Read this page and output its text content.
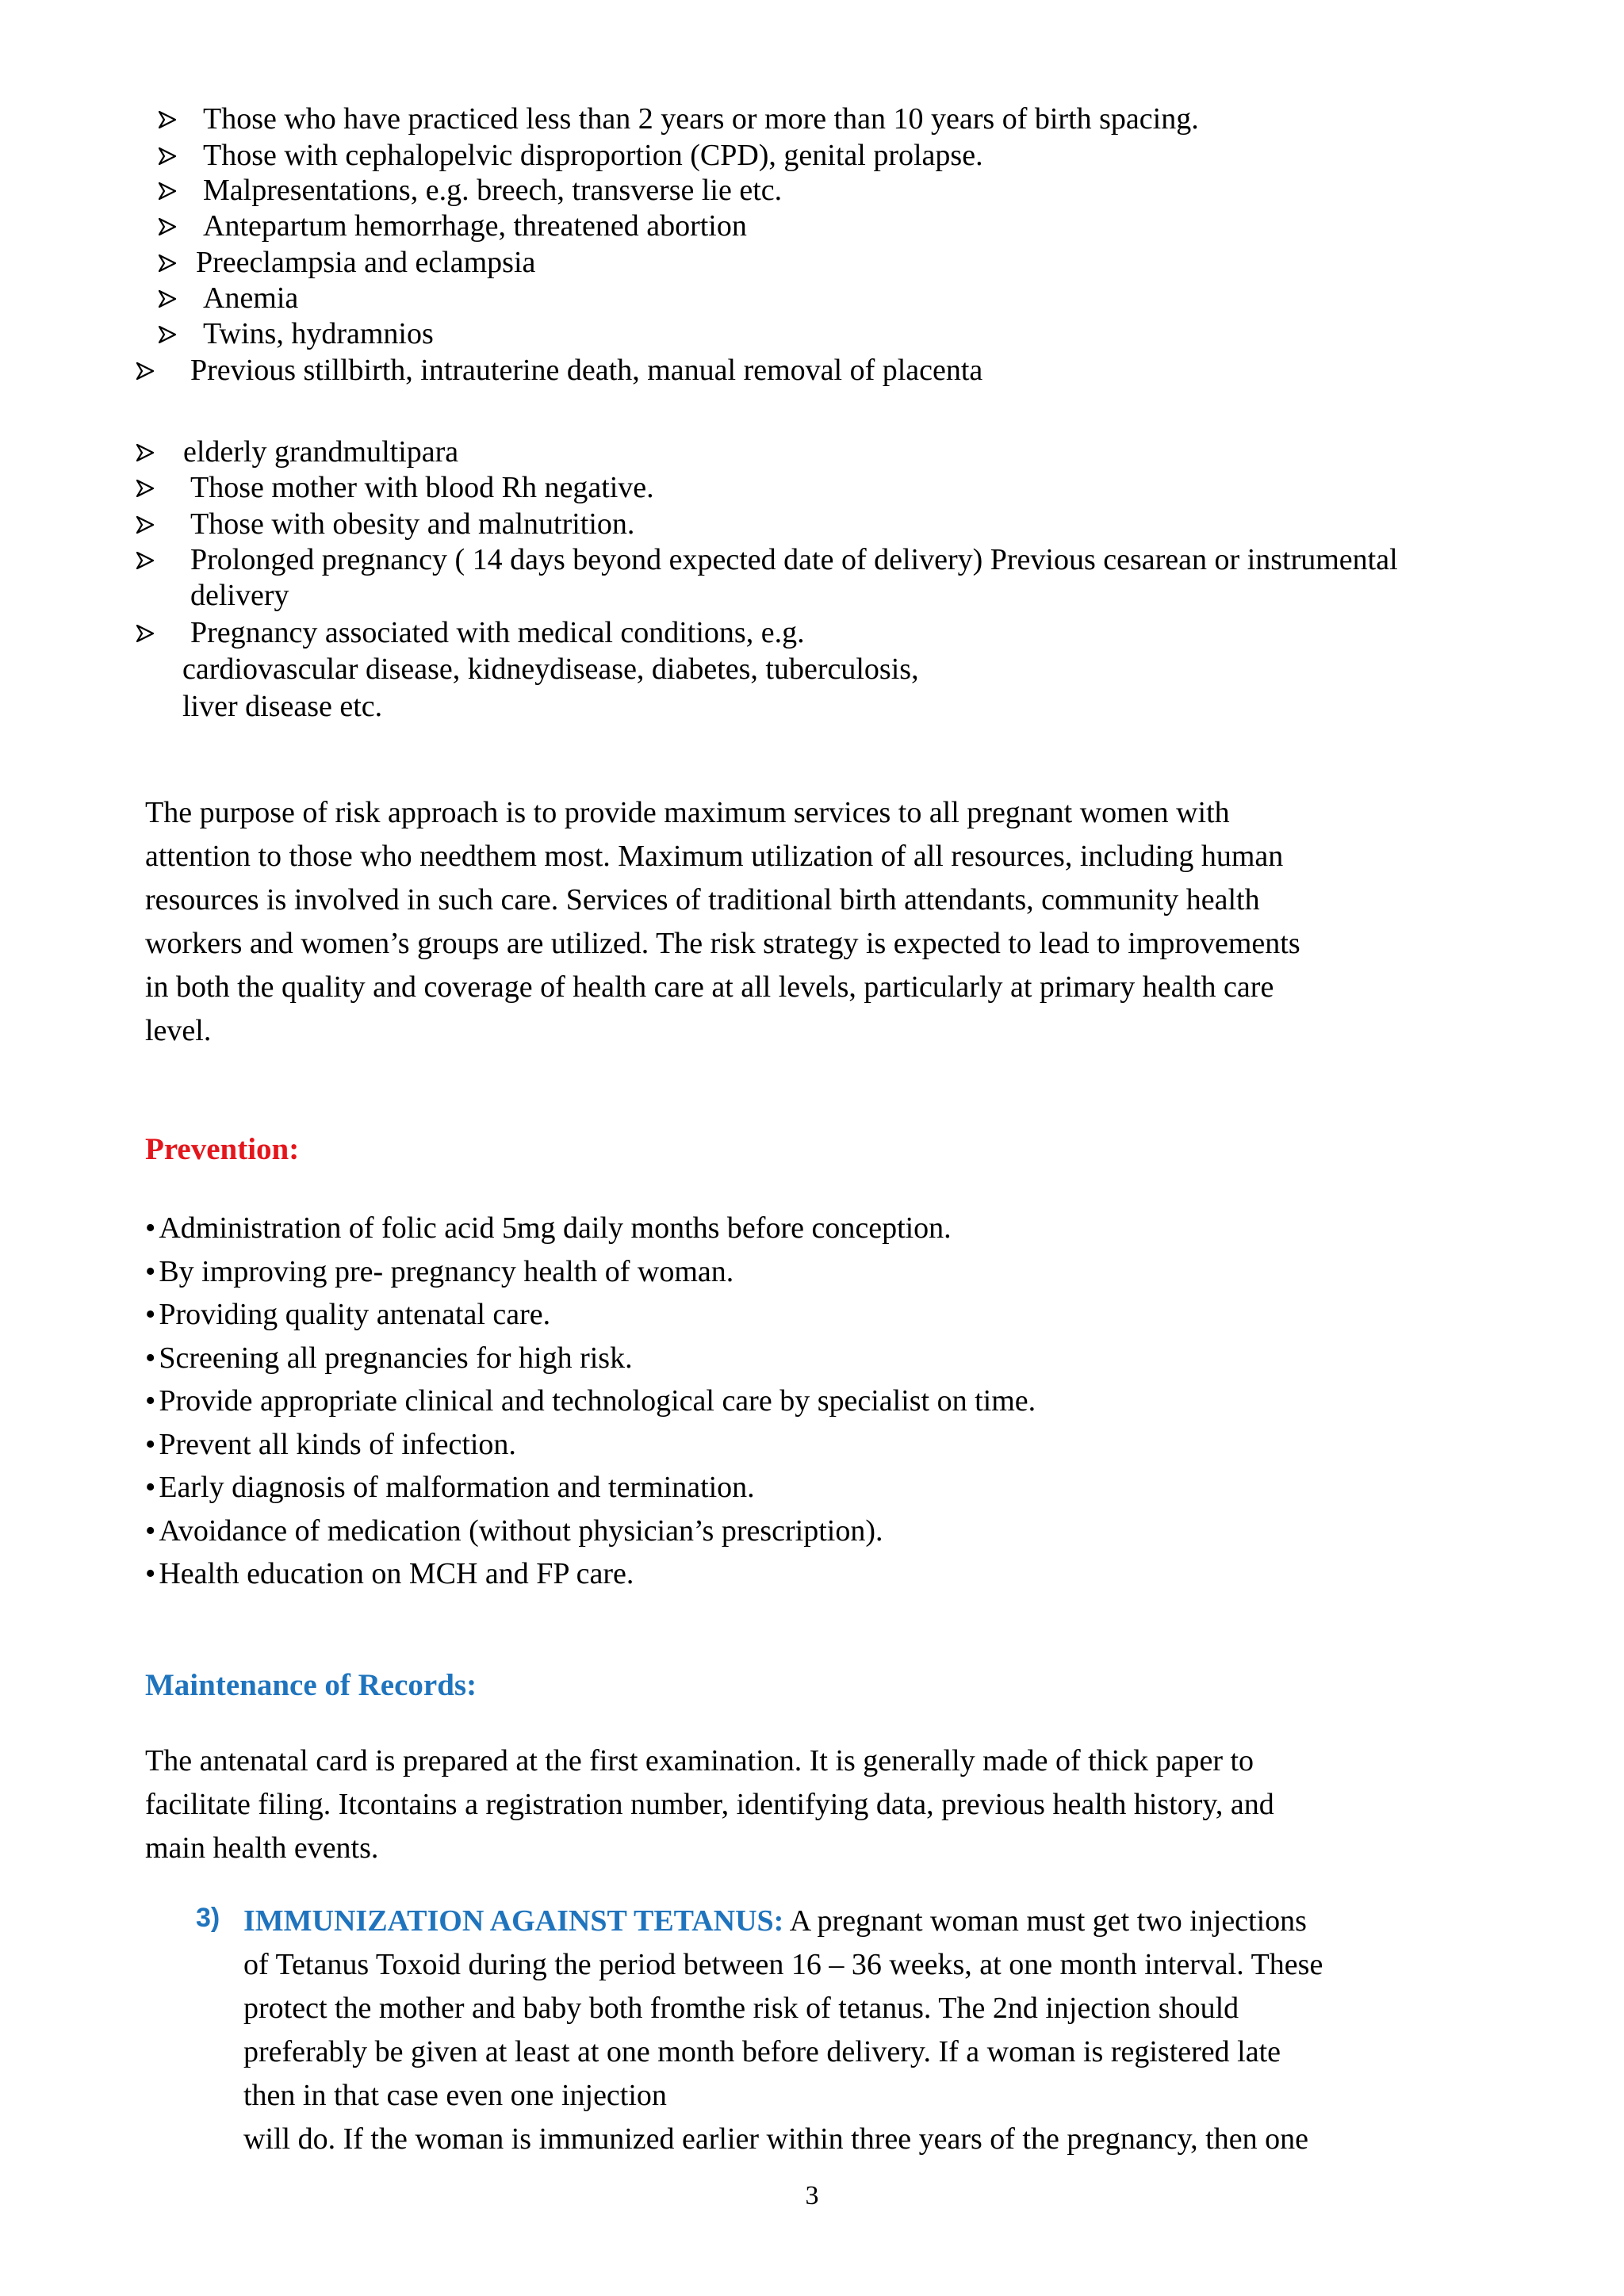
Those who have practiced less than 2 years or more than 10 years of birth spacing.
Those with cephalopelvic disproportion (CPD), genital prolapse.
Malpresentations, e.g. breech, transverse lie etc.
Antepartum hemorrhage, threatened abortion
Preeclampsia and eclampsia
Anemia
Twins, hydramnios
Previous stillbirth, intrauterine death, manual removal of placenta
elderly grandmultipara
Those mother with blood Rh negative.
Those with obesity and malnutrition.
Prolonged pregnancy ( 14 days beyond expected date of delivery) Previous cesarean or instrumental
delivery
Pregnancy associated with medical conditions, e.g.
cardiovascular disease, kidneydisease, diabetes, tuberculosis,
liver disease etc.

The purpose of risk approach is to provide maximum services to all pregnant women with
attention to those who needthem most. Maximum utilization of all resources, including human
resources is involved in such care. Services of traditional birth attendants, community health
workers and women’s groups are utilized. The risk strategy is expected to lead to improvements
in both the quality and coverage of health care at all levels, particularly at primary health care
level.

Prevention:
• Administration of folic acid 5mg daily months before conception.
• By improving pre- pregnancy health of woman.
• Providing quality antenatal care.
• Screening all pregnancies for high risk.
• Provide appropriate clinical and technological care by specialist on time.
• Prevent all kinds of infection.
• Early diagnosis of malformation and termination.
• Avoidance of medication (without physician’s prescription).
• Health education on MCH and FP care.
Maintenance of Records:

The antenatal card is prepared at the first examination. It is generally made of thick paper to
facilitate filing. Itcontains a registration number, identifying data, previous health history, and
main health events.

3) IMMUNIZATION AGAINST TETANUS: A pregnant woman must get two injections
of Tetanus Toxoid during the period between 16 – 36 weeks, at one month interval. These
protect the mother and baby both fromthe risk of tetanus. The 2nd injection should
preferably be given at least at one month before delivery. If a woman is registered late
then in that case even one injection
will do. If the woman is immunized earlier within three years of the pregnancy, then one
3
